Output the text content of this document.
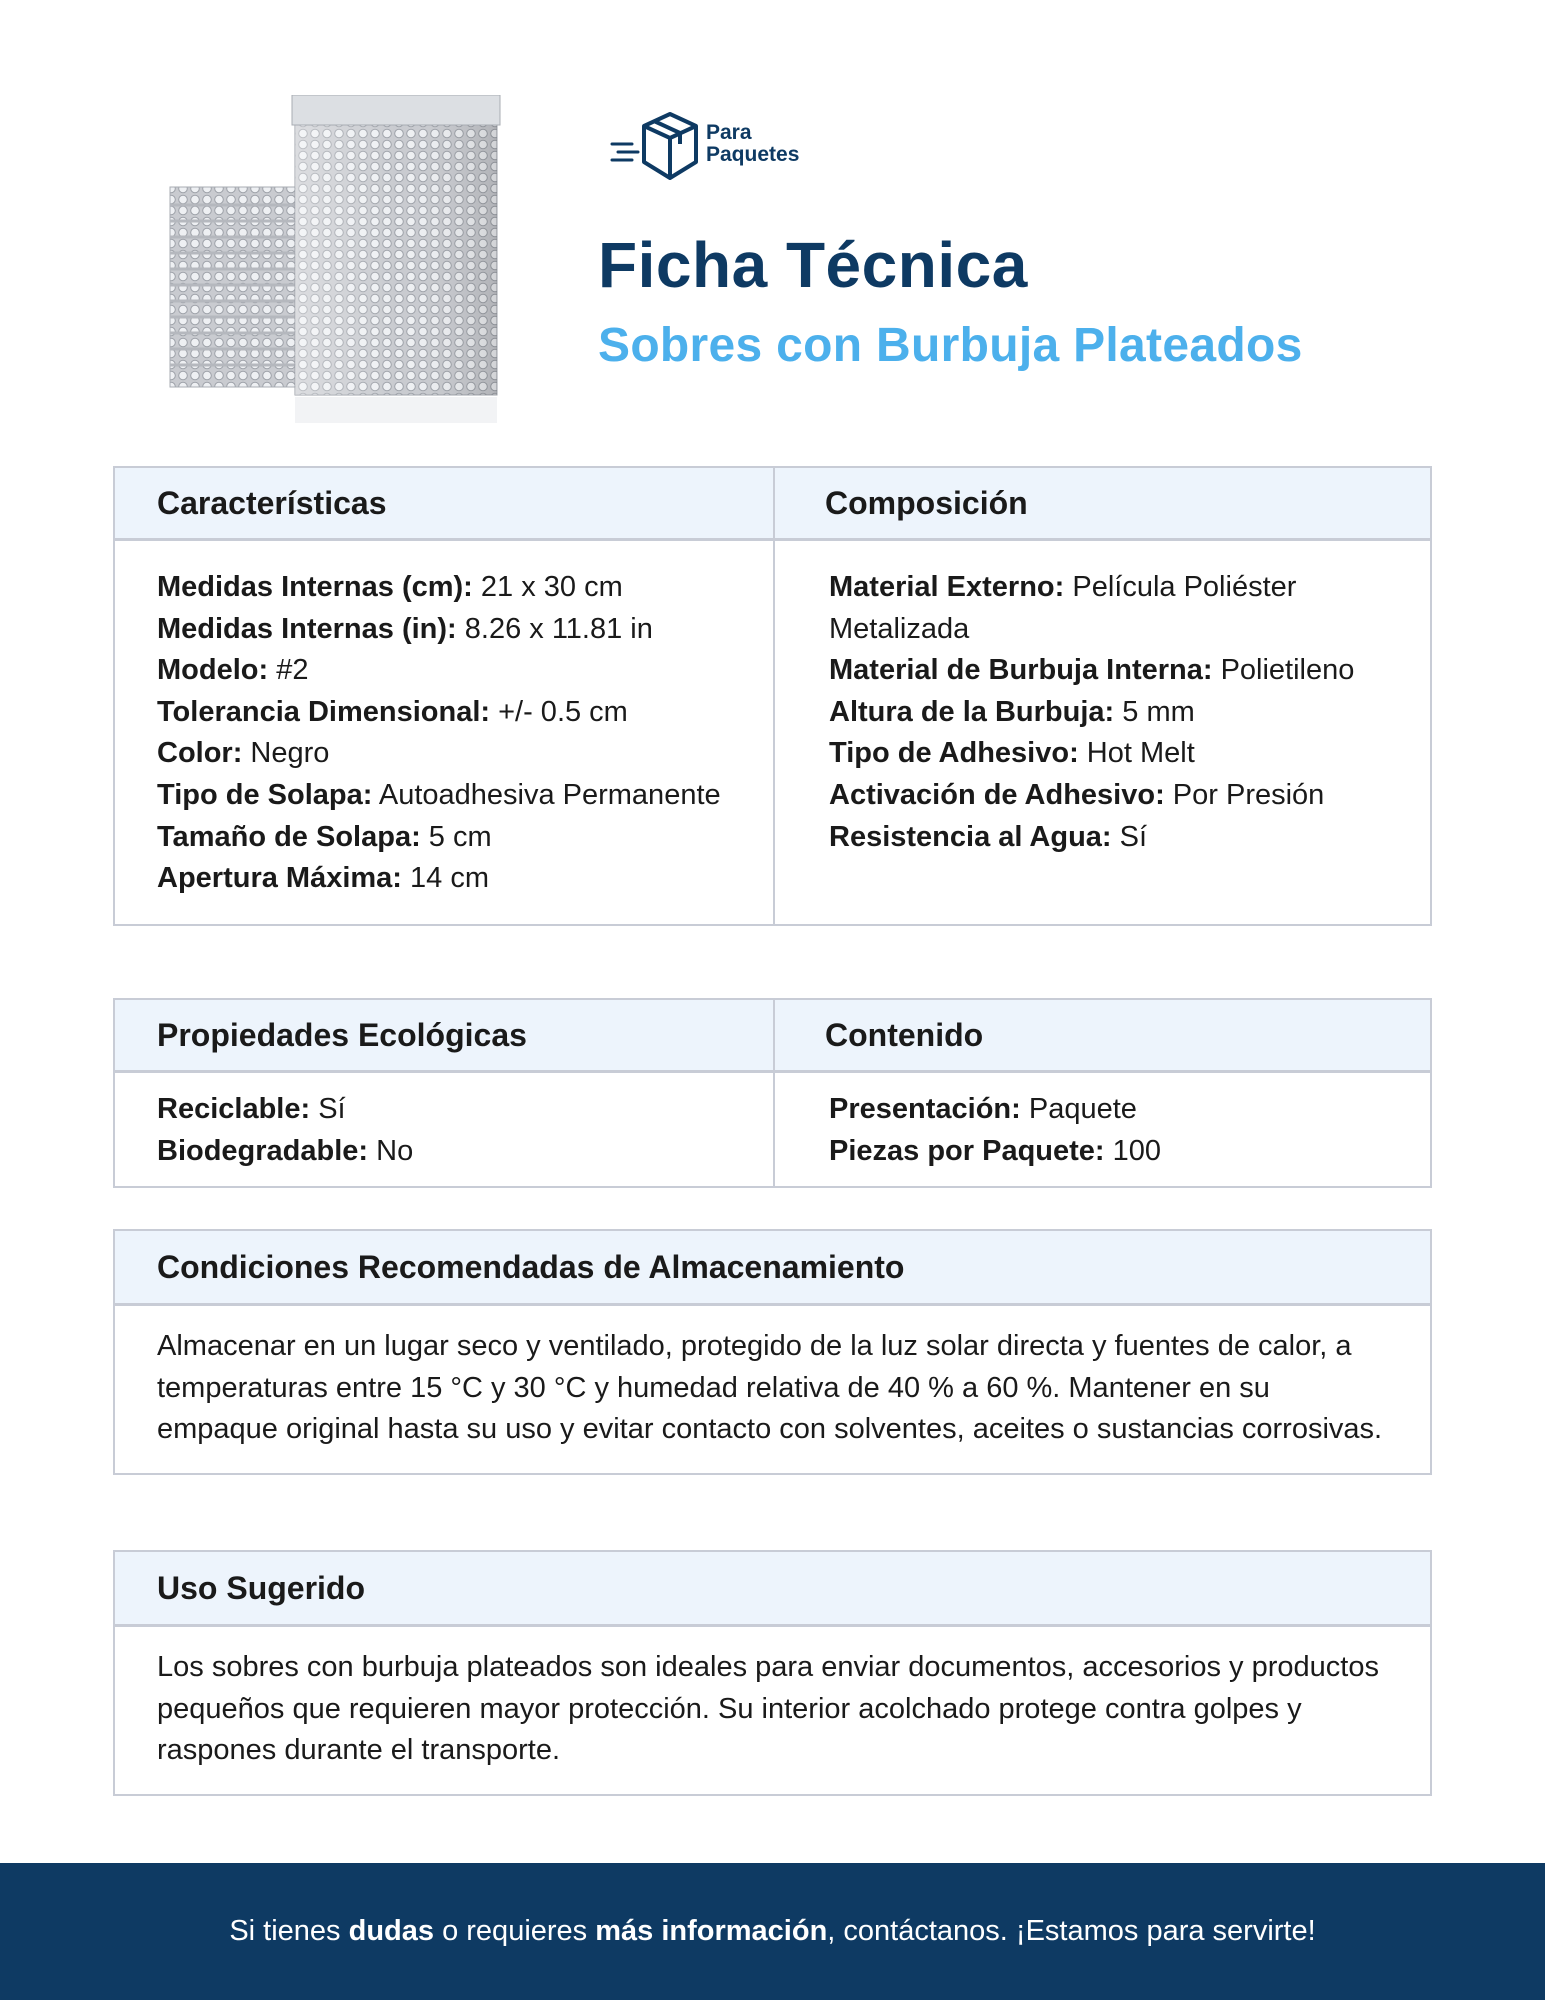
Para
Paquetes
Ficha Técnica
Sobres con Burbuja Plateados
Características	Composición
Medidas Internas (cm): 21 x 30 cm
Medidas Internas (in): 8.26 x 11.81 in
Modelo: #2
Tolerancia Dimensional: +/- 0.5 cm
Color: Negro
Tipo de Solapa: Autoadhesiva Permanente
Tamaño de Solapa: 5 cm
Apertura Máxima: 14 cm
Material Externo: Película Poliéster Metalizada
Material de Burbuja Interna: Polietileno
Altura de la Burbuja: 5 mm
Tipo de Adhesivo: Hot Melt
Activación de Adhesivo: Por Presión
Resistencia al Agua: Sí
Propiedades Ecológicas	Contenido
Reciclable: Sí
Biodegradable: No
Presentación: Paquete
Piezas por Paquete: 100
Condiciones Recomendadas de Almacenamiento
Almacenar en un lugar seco y ventilado, protegido de la luz solar directa y fuentes de calor, a temperaturas entre 15 °C y 30 °C y humedad relativa de 40 % a 60 %. Mantener en su empaque original hasta su uso y evitar contacto con solventes, aceites o sustancias corrosivas.
Uso Sugerido
Los sobres con burbuja plateados son ideales para enviar documentos, accesorios y productos pequeños que requieren mayor protección. Su interior acolchado protege contra golpes y raspones durante el transporte.
Si tienes dudas o requieres más información, contáctanos. ¡Estamos para servirte!
